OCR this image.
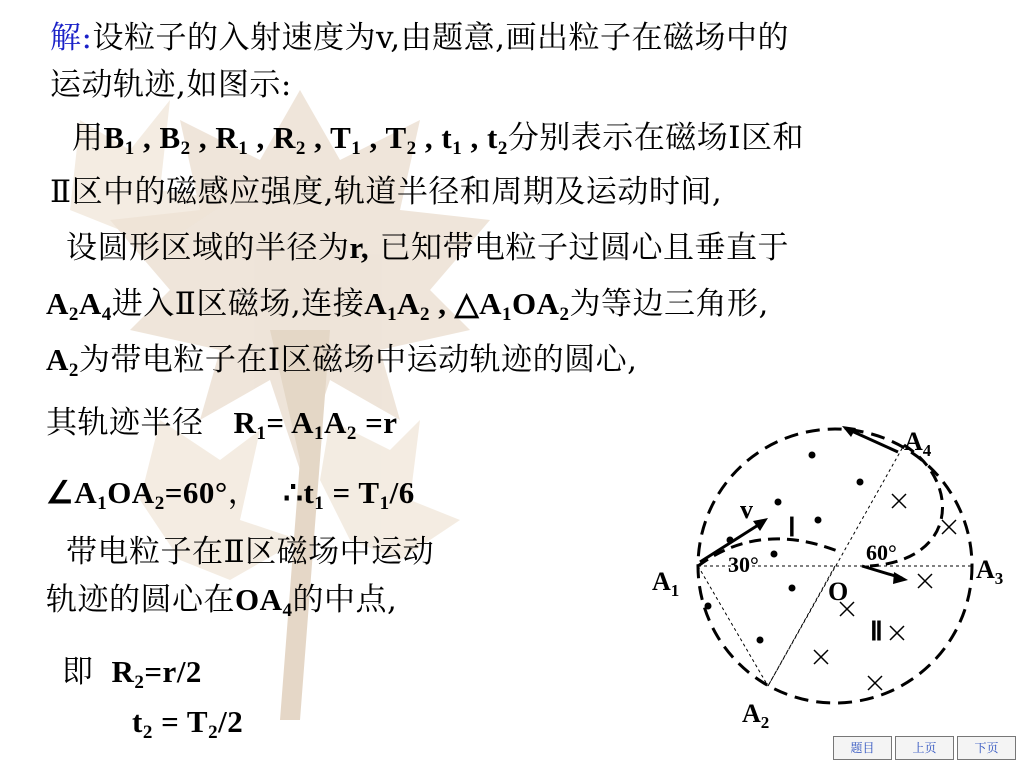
解:设粒子的入射速度为v,由题意,画出粒子在磁场中的

运动轨迹,如图示:

用$B_1$ , $B_2$ , $R_1$ , $R_2$ , $T_1$ , $T_2$ , $t_1$ , $t_2$分别表示在磁场Ⅰ区和

Ⅱ区中的磁感应强度,轨道半径和周期及运动时间,

设圆形区域的半径为r, 已知带电粒子过圆心且垂直于

$A_2A_4$进入Ⅱ区磁场,连接$A_1A_2$ , $\triangle A_1OA_2$为等边三角形,

$A_2$为带电粒子在Ⅰ区磁场中运动轨迹的圆心,

其轨迹半径 $R_1= A_1A_2 =r$

$\angle A_1OA_2=60^\circ$， $\therefore t_1 = T_1/6$

带电粒子在Ⅱ区磁场中运动

轨迹的圆心在$OA_4$的中点,

即 $R_2=r/2$

$t_2 = T_2/2$

$A_1$
$A_2$
$A_3$
$A_4$
O
v
Ⅰ
Ⅱ
30°	60°
题目	上页	下页
